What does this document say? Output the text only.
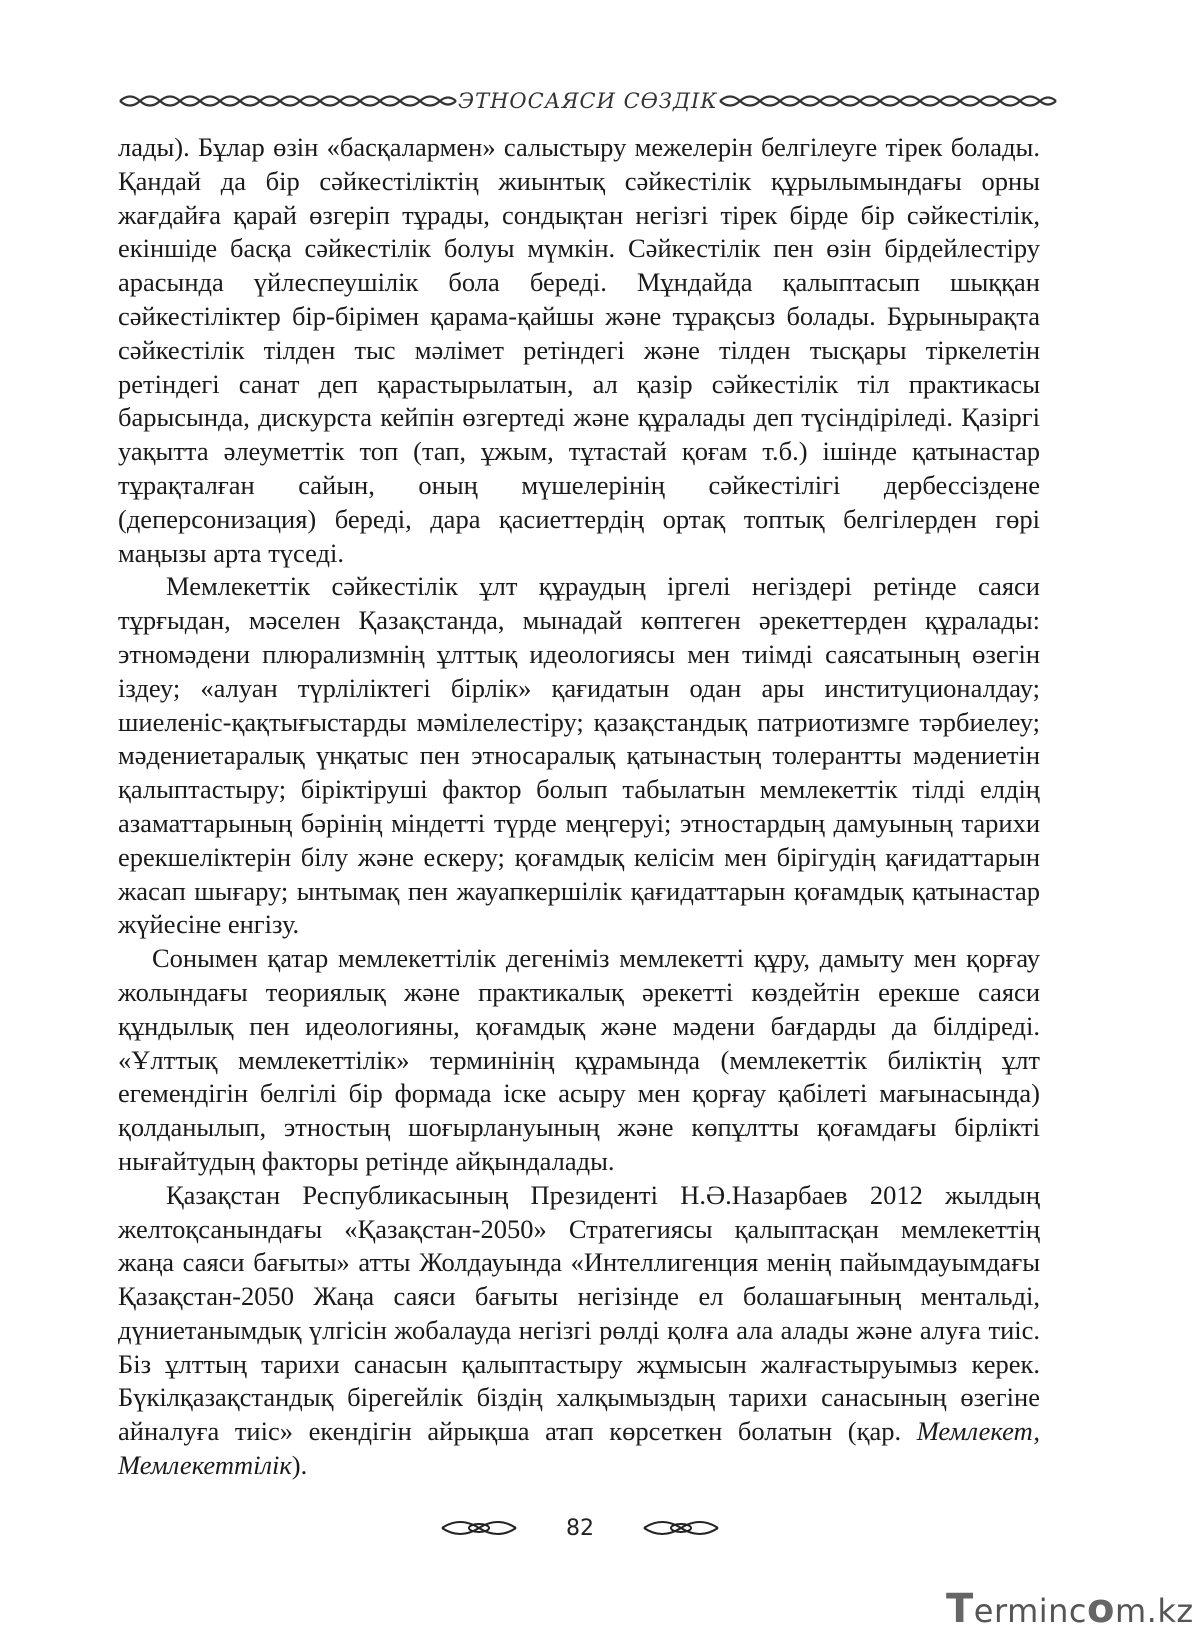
ЭТНОСАЯСИ СӨЗДІК

лады). Бұлар өзін «басқалармен» салыстыру межелерін белгілеуге тірек болады. Қандай да бір сәйкестіліктің жиынтық сәйкестілік құрылымындағы орны жағдайға қарай өзгеріп тұрады, сондықтан негізгі тірек бірде бір сәйкестілік, екіншіде басқа сәйкестілік болуы мүмкін. Сәйкестілік пен өзін бірдейлестіру арасында үйлеспеушілік бола береді. Мұндайда қалыптасып шыққан сәйкестіліктер бір-бірімен қарама-қайшы және тұрақсыз болады. Бұрынырақта сәйкестілік тілден тыс мәлімет ретіндегі және тілден тысқары тіркелетін ретіндегі санат деп қарастырылатын, ал қазір сәйкестілік тіл практикасы барысында, дискурста кейпін өзгертеді және құралады деп түсіндіріледі. Қазіргі уақытта әлеуметтік топ (тап, ұжым, тұтастай қоғам т.б.) ішінде қатынастар тұрақталған сайын, оның мүшелерінің сәйкестілігі дербессіздене (деперсонизация) береді, дара қасиеттердің ортақ топтық белгілерден гөрі маңызы арта түседі.

Мемлекеттік сәйкестілік ұлт құраудың іргелі негіздері ретінде саяси тұрғыдан, мәселен Қазақстанда, мынадай көптеген әрекеттерден құралады: этномәдени плюрализмнің ұлттық идеологиясы мен тиімді саясатының өзегін іздеу; «алуан түрліліктегі бірлік» қағидатын одан ары институционалдау; шиеленіс-қақтығыстарды мәмілелестіру; қазақстандық патриотизмге тәрбиелеу; мәдениетаралық үнқатыс пен этносаралық қатынастың толерантты мәдениетін қалыптастыру; біріктіруші фактор болып табылатын мемлекеттік тілді елдің азаматтарының бәрінің міндетті түрде меңгеруі; этностардың дамуының тарихи ерекшеліктерін білу және ескеру; қоғамдық келісім мен бірігудің қағидаттарын жасап шығару; ынтымақ пен жауапкершілік қағидаттарын қоғамдық қатынастар жүйесіне енгізу.

Сонымен қатар мемлекеттілік дегеніміз мемлекетті құру, дамыту мен қорғау жолындағы теориялық және практикалық әрекетті көздейтін ерекше саяси құндылық пен идеологияны, қоғамдық және мәдени бағдарды да білдіреді. «Ұлттық мемлекеттілік» терминінің құрамында (мемлекеттік биліктің ұлт егемендігін белгілі бір формада іске асыру мен қорғау қабілеті мағынасында) қолданылып, этностың шоғырлануының және көпұлтты қоғамдағы бірлікті нығайтудың факторы ретінде айқындалады.

Қазақстан Республикасының Президенті Н.Ә.Назарбаев 2012 жылдың желтоқсанындағы «Қазақстан-2050» Стратегиясы қалыптасқан мемлекеттің жаңа саяси бағыты» атты Жолдауында «Интеллигенция менің пайымдауымдағы Қазақстан-2050 Жаңа саяси бағыты негізінде ел болашағының ментальді, дүниетанымдық үлгісін жобалауда негізгі рөлді қолға ала алады және алуға тиіс. Біз ұлттың тарихи санасын қалыптастыру жұмысын жалғастыруымыз керек. Бүкілқазақстандық бірегейлік біздің халқымыздың тарихи санасының өзегіне айналуға тиіс» екендігін айрықша атап көрсеткен болатын (қар. Мемлекет, Мемлекеттілік).

82
Termincom.kz
